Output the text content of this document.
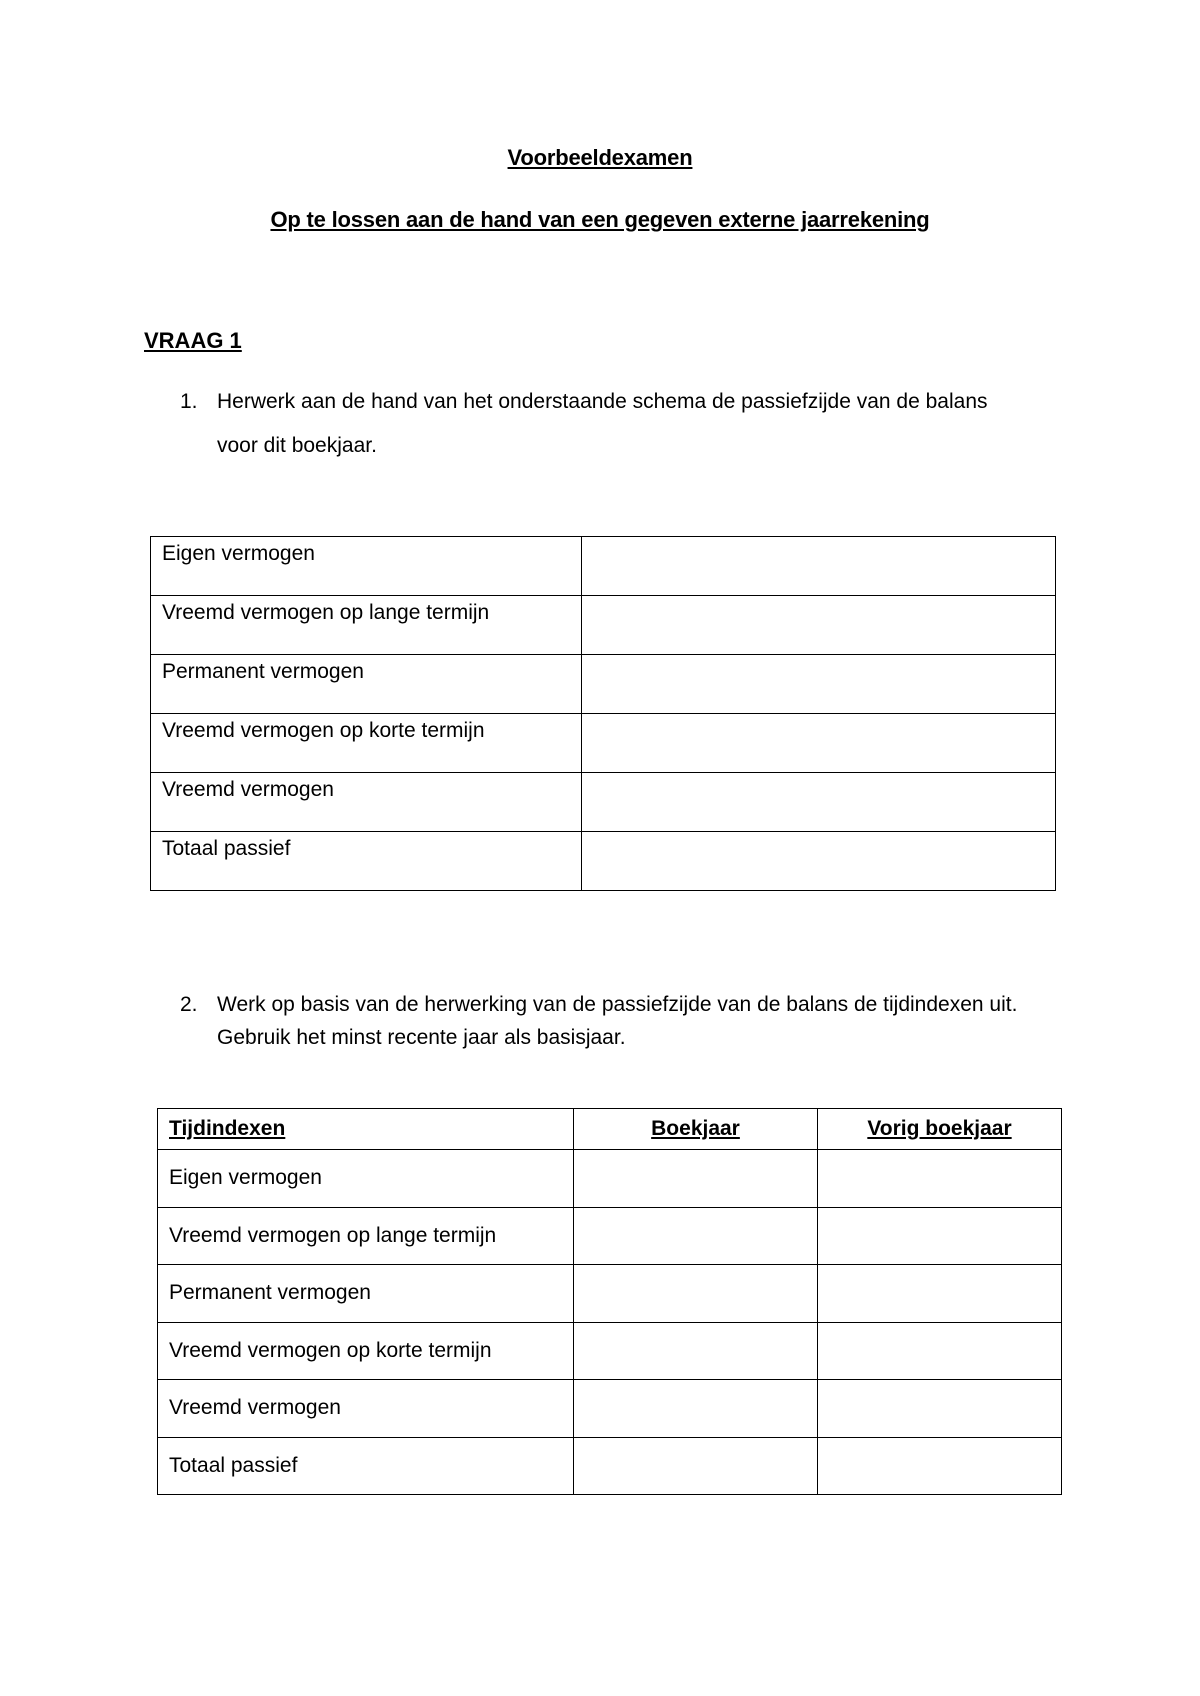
Voorbeeldexamen
Op te lossen aan de hand van een gegeven externe jaarrekening
VRAAG 1
1. Herwerk aan de hand van het onderstaande schema de passiefzijde van de balans
voor dit boekjaar.
Eigen vermogen	
Vreemd vermogen op lange termijn	
Permanent vermogen	
Vreemd vermogen op korte termijn	
Vreemd vermogen	
Totaal passief	
2. Werk op basis van de herwerking van de passiefzijde van de balans de tijdindexen uit.
Gebruik het minst recente jaar als basisjaar.
Tijdindexen	Boekjaar	Vorig boekjaar
Eigen vermogen		
Vreemd vermogen op lange termijn		
Permanent vermogen		
Vreemd vermogen op korte termijn		
Vreemd vermogen		
Totaal passief		
